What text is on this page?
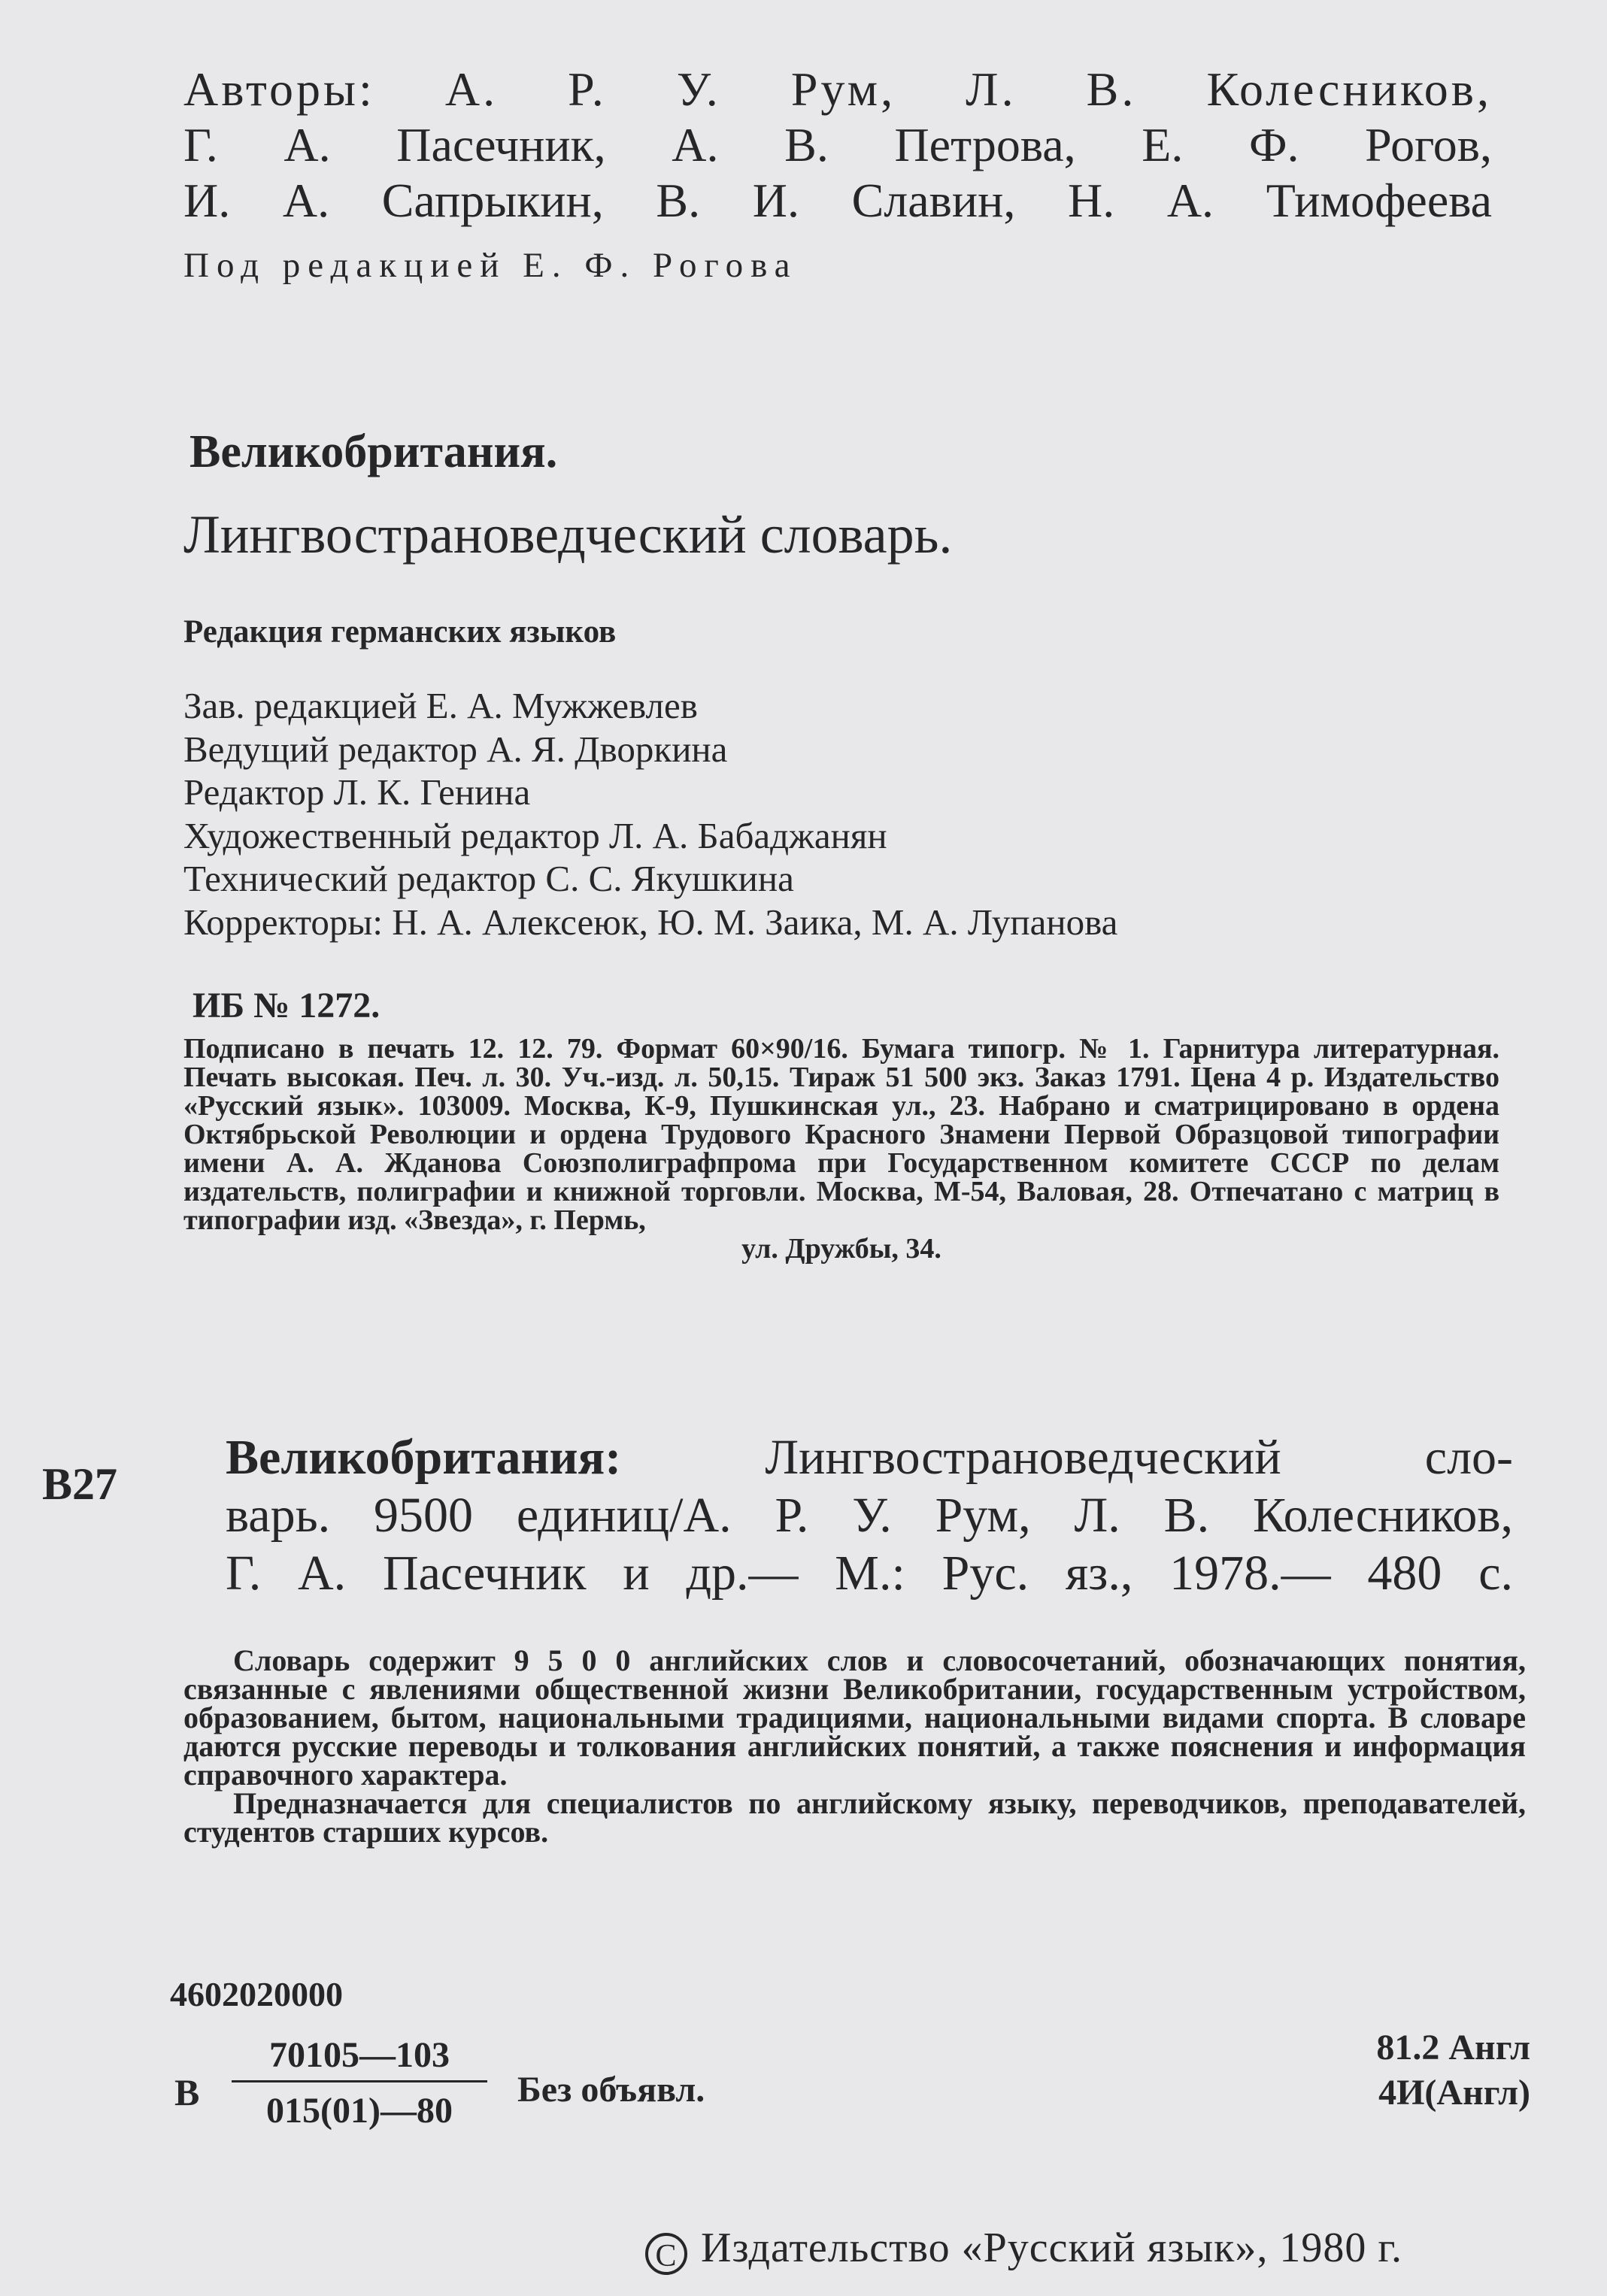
Авторы: А. Р. У. Рум, Л. В. Колесников,
Г. А. Пасечник, А. В. Петрова, Е. Ф. Рогов,
И. А. Сапрыкин, В. И. Славин, Н. А. Тимофеева
Под редакцией Е. Ф. Рогова
Великобритания.
Лингвострановедческий словарь.
Редакция германских языков
Зав. редакцией Е. А. Мужжевлев
Ведущий редактор А. Я. Дворкина
Редактор Л. К. Генина
Художественный редактор Л. А. Бабаджанян
Технический редактор С. С. Якушкина
Корректоры: Н. А. Алексеюк, Ю. М. Заика, М. А. Лупанова
ИБ № 1272.
Подписано в печать 12. 12. 79. Формат 60×90/16. Бумага типогр. № 1. Гарнитура литературная. Печать высокая. Печ. л. 30. Уч.-изд. л. 50,15. Тираж 51 500 экз. Заказ 1791. Цена 4 р. Издательство «Русский язык». 103009. Москва, К-9, Пушкинская ул., 23. Набрано и сматрицировано в ордена Октябрьской Революции и ордена Трудового Красного Знамени Первой Образцовой типографии имени А. А. Жданова Союзполиграфпрома при Государственном комитете СССР по делам издательств, полиграфии и книжной торговли. Москва, М-54, Валовая, 28. Отпечатано с матриц в типографии изд. «Звезда», г. Пермь,
ул. Дружбы, 34.
В27 Великобритания:	Лингвострановедческий сло-
варь. 9500 единиц/А. Р. У. Рум, Л. В. Колесников,
Г. А. Пасечник и др.— М.: Рус. яз., 1978.— 480 с.

Словарь содержит 9 5 0 0 английских слов и словосочетаний, обозначающих понятия, связанные с явлениями общественной жизни Великобритании, государственным устройством, образованием, бытом, национальными традициями, национальными видами спорта. В словаре даются русские переводы и толкования английских понятий, а также пояснения и информация справочного характера.

Предназначается для специалистов по английскому языку, переводчиков, преподавателей, студентов старших курсов.

4602020000
В
70105—103
015(01)—80
Без объявл.
81.2 Англ
4И(Англ)
C Издательство «Русский язык», 1980 г.
